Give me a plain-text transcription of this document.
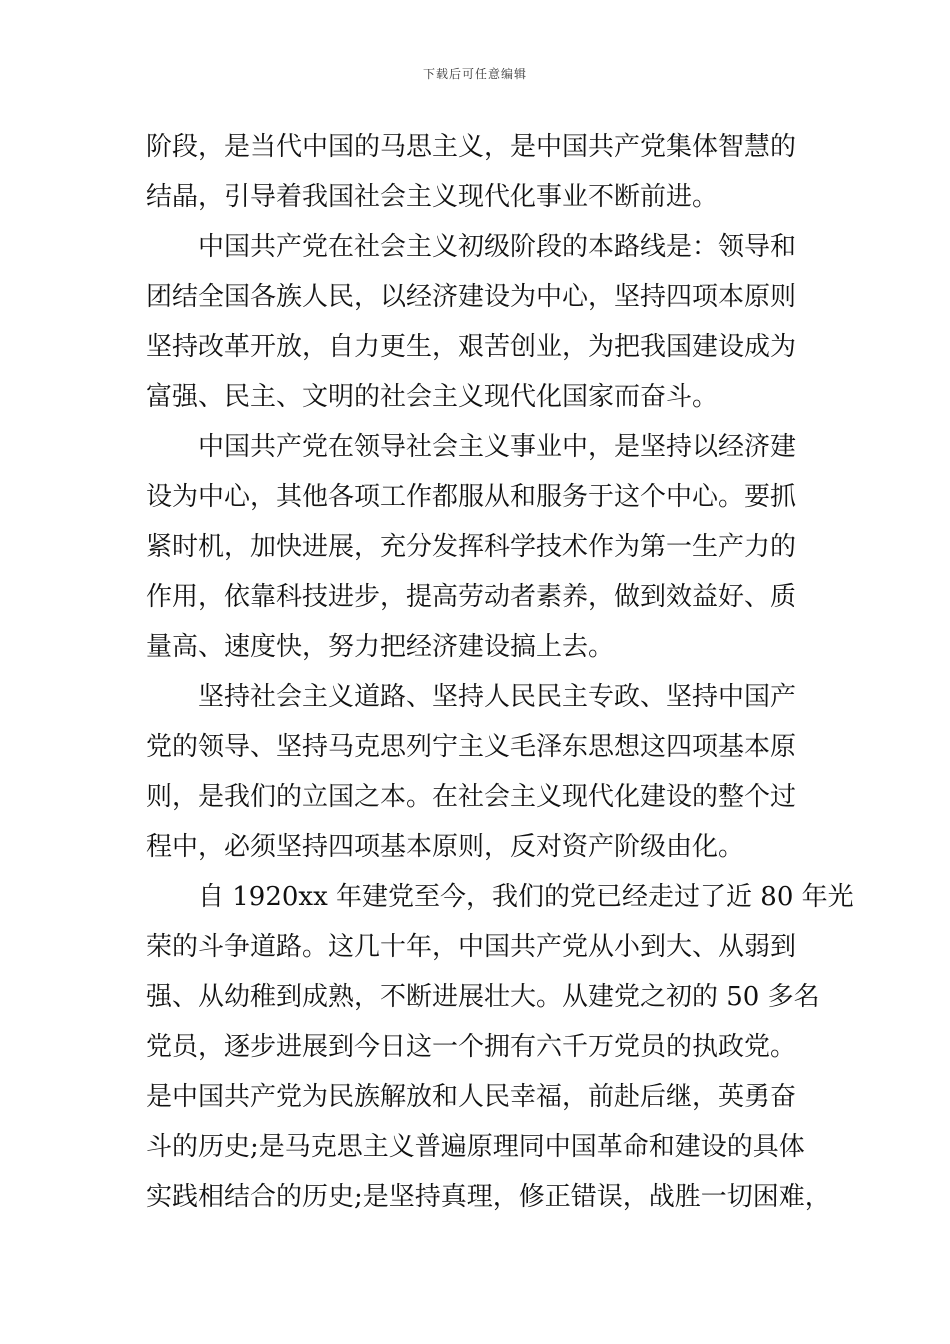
下载后可任意编辑
阶段，是当代中国的马思主义，是中国共产党集体智慧的
结晶，引导着我国社会主义现代化事业不断前进。
中国共产党在社会主义初级阶段的本路线是：领导和
团结全国各族人民，以经济建设为中心，坚持四项本原则
坚持改革开放，自力更生，艰苦创业，为把我国建设成为
富强、民主、文明的社会主义现代化国家而奋斗。
中国共产党在领导社会主义事业中，是坚持以经济建
设为中心，其他各项工作都服从和服务于这个中心。要抓
紧时机，加快进展，充分发挥科学技术作为第一生产力的
作用，依靠科技进步，提高劳动者素养，做到效益好、质
量高、速度快，努力把经济建设搞上去。
坚持社会主义道路、坚持人民民主专政、坚持中国产
党的领导、坚持马克思列宁主义毛泽东思想这四项基本原
则，是我们的立国之本。在社会主义现代化建设的整个过
程中，必须坚持四项基本原则，反对资产阶级由化。
自 1920xx 年建党至今，我们的党已经走过了近 80 年光
荣的斗争道路。这几十年，中国共产党从小到大、从弱到
强、从幼稚到成熟，不断进展壮大。从建党之初的 50 多名
党员，逐步进展到今日这一个拥有六千万党员的执政党。
是中国共产党为民族解放和人民幸福，前赴后继，英勇奋
斗的历史;是马克思主义普遍原理同中国革命和建设的具体
实践相结合的历史;是坚持真理，修正错误，战胜一切困难，
